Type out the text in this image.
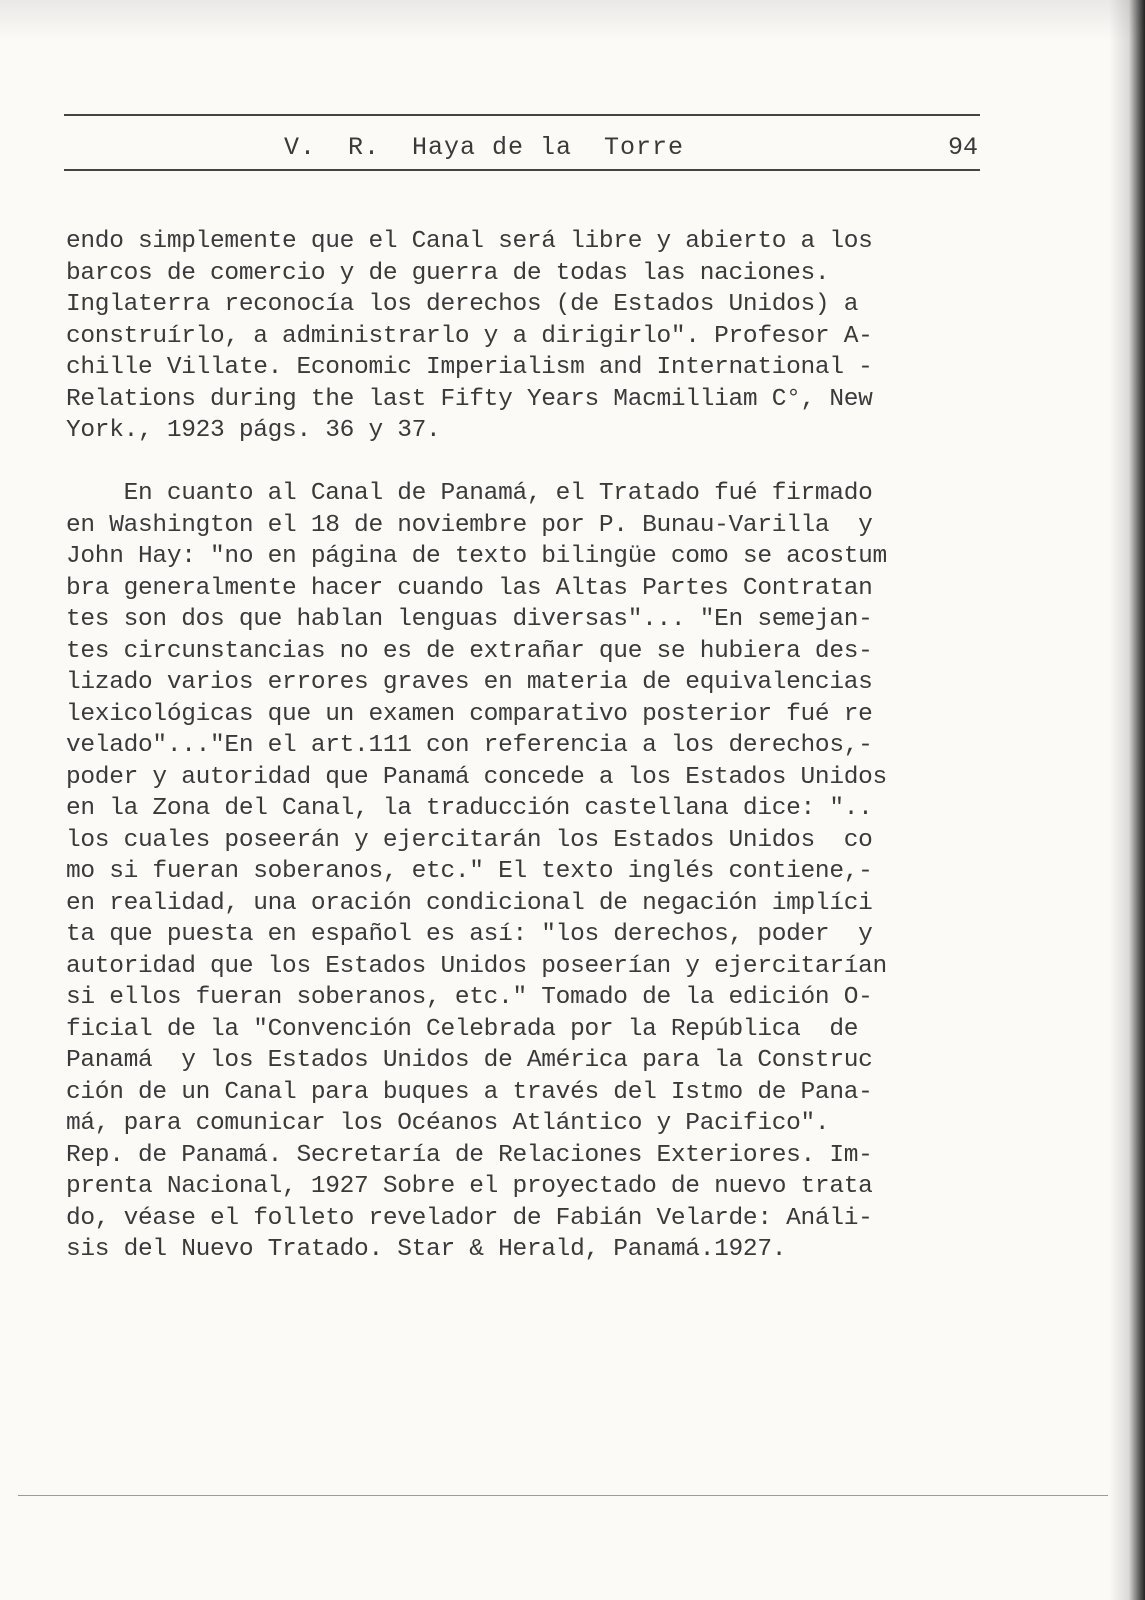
V.  R.  Haya de la  Torre	94
endo simplemente que el Canal será libre y abierto a los
barcos de comercio y de guerra de todas las naciones.
Inglaterra reconocía los derechos (de Estados Unidos) a
construírlo, a administrarlo y a dirigirlo". Profesor A-
chille Villate. Economic Imperialism and International -
Relations during the last Fifty Years Macmilliam C°, New
York., 1923 págs. 36 y 37.
En cuanto al Canal de Panamá, el Tratado fué firmado
en Washington el 18 de noviembre por P. Bunau-Varilla  y
John Hay: "no en página de texto bilingüe como se acostum
bra generalmente hacer cuando las Altas Partes Contratan
tes son dos que hablan lenguas diversas"... "En semejan-
tes circunstancias no es de extrañar que se hubiera des-
lizado varios errores graves en materia de equivalencias
lexicológicas que un examen comparativo posterior fué re
velado"..."En el art.111 con referencia a los derechos,-
poder y autoridad que Panamá concede a los Estados Unidos
en la Zona del Canal, la traducción castellana dice: "..
los cuales poseerán y ejercitarán los Estados Unidos  co
mo si fueran soberanos, etc." El texto inglés contiene,-
en realidad, una oración condicional de negación implíci
ta que puesta en español es así: "los derechos, poder  y
autoridad que los Estados Unidos poseerían y ejercitarían
si ellos fueran soberanos, etc." Tomado de la edición O-
ficial de la "Convención Celebrada por la República  de
Panamá  y los Estados Unidos de América para la Construc
ción de un Canal para buques a través del Istmo de Pana-
má, para comunicar los Océanos Atlántico y Pacifico".
Rep. de Panamá. Secretaría de Relaciones Exteriores. Im-
prenta Nacional, 1927 Sobre el proyectado de nuevo trata
do, véase el folleto revelador de Fabián Velarde: Análi-
sis del Nuevo Tratado. Star & Herald, Panamá.1927.
